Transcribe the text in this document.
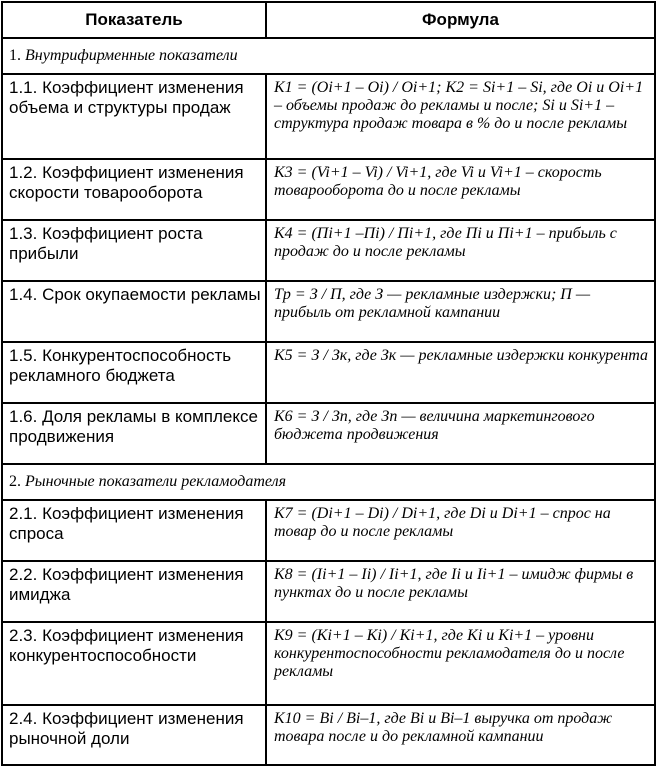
Показатель	Формула
1. Внутрифирменные показатели	
1.1. Коэффициент изменения объема и структуры продаж	K1 = (Oi+1 – Oi) / Oi+1; K2 = Si+1 – Si, где Oi и Oi+1 – объемы продаж до рекламы и после; Si и Si+1 – структура продаж товара в % до и после рекламы
1.2. Коэффициент изменения скорости товарооборота	K3 = (Vi+1 – Vi) / Vi+1, где Vi и Vi+1 – скорость товарооборота до и после рекламы
1.3. Коэффициент роста прибыли	K4 = (Пi+1 –Пi) / Пi+1, где Пi и Пi+1 – прибыль с продаж до и после рекламы
1.4. Срок окупаемости рекламы	Tp = З / П, где З — рекламные издержки; П — прибыль от рекламной кампании
1.5. Конкурентоспособность рекламного бюджета	K5 = З / Зк, где Зк — рекламные издержки конкурента
1.6. Доля рекламы в комплексе продвижения	K6 = З / Зп, где Зп — величина маркетингового бюджета продвижения
2. Рыночные показатели рекламодателя	
2.1. Коэффициент изменения спроса	K7 = (Di+1 – Di) / Di+1, где Di и Di+1 – спрос на товар до и после рекламы
2.2. Коэффициент изменения имиджа	K8 = (Ii+1 – Ii) / Ii+1, где Ii и Ii+1 – имидж фирмы в пунктах до и после рекламы
2.3. Коэффициент изменения конкурентоспособности	K9 = (Ki+1 – Ki) / Ki+1, где Ki и Ki+1 – уровни конкурентоспособности рекламодателя до и после рекламы
2.4. Коэффициент изменения рыночной доли	K10 = Bi / Bi–1, где Bi и Bi–1 выручка от продаж товара после и до рекламной кампании
